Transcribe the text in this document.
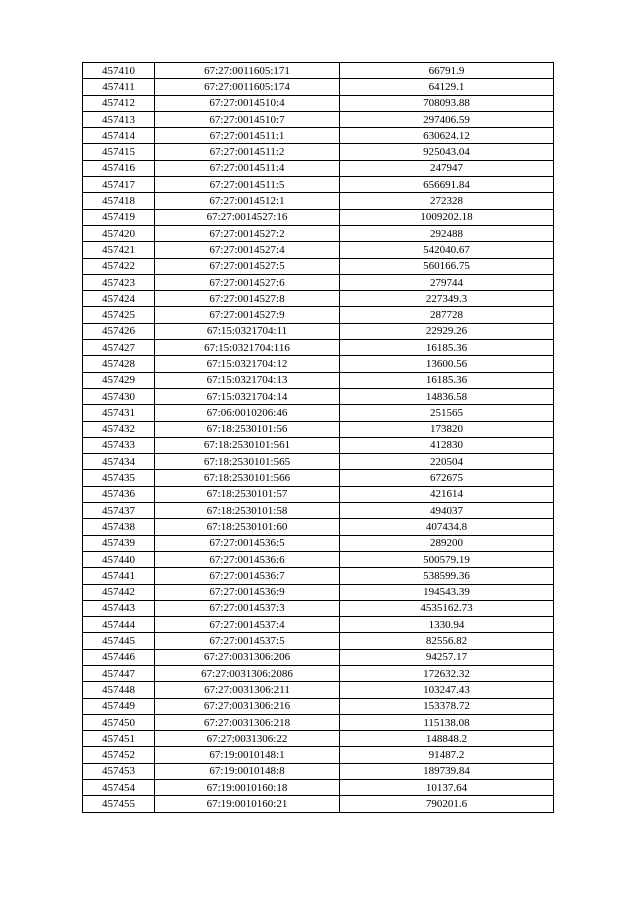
457410	67:27:0011605:171	66791.9
457411	67:27:0011605:174	64129.1
457412	67:27:0014510:4	708093.88
457413	67:27:0014510:7	297406.59
457414	67:27:0014511:1	630624.12
457415	67:27:0014511:2	925043.04
457416	67:27:0014511:4	247947
457417	67:27:0014511:5	656691.84
457418	67:27:0014512:1	272328
457419	67:27:0014527:16	1009202.18
457420	67:27:0014527:2	292488
457421	67:27:0014527:4	542040.67
457422	67:27:0014527:5	560166.75
457423	67:27:0014527:6	279744
457424	67:27:0014527:8	227349.3
457425	67:27:0014527:9	287728
457426	67:15:0321704:11	22929.26
457427	67:15:0321704:116	16185.36
457428	67:15:0321704:12	13600.56
457429	67:15:0321704:13	16185.36
457430	67:15:0321704:14	14836.58
457431	67:06:0010206:46	251565
457432	67:18:2530101:56	173820
457433	67:18:2530101:561	412830
457434	67:18:2530101:565	220504
457435	67:18:2530101:566	672675
457436	67:18:2530101:57	421614
457437	67:18:2530101:58	494037
457438	67:18:2530101:60	407434.8
457439	67:27:0014536:5	289200
457440	67:27:0014536:6	500579.19
457441	67:27:0014536:7	538599.36
457442	67:27:0014536:9	194543.39
457443	67:27:0014537:3	4535162.73
457444	67:27:0014537:4	1330.94
457445	67:27:0014537:5	82556.82
457446	67:27:0031306:206	94257.17
457447	67:27:0031306:2086	172632.32
457448	67:27:0031306:211	103247.43
457449	67:27:0031306:216	153378.72
457450	67:27:0031306:218	115138.08
457451	67:27:0031306:22	148848.2
457452	67:19:0010148:1	91487.2
457453	67:19:0010148:8	189739.84
457454	67:19:0010160:18	10137.64
457455	67:19:0010160:21	790201.6
